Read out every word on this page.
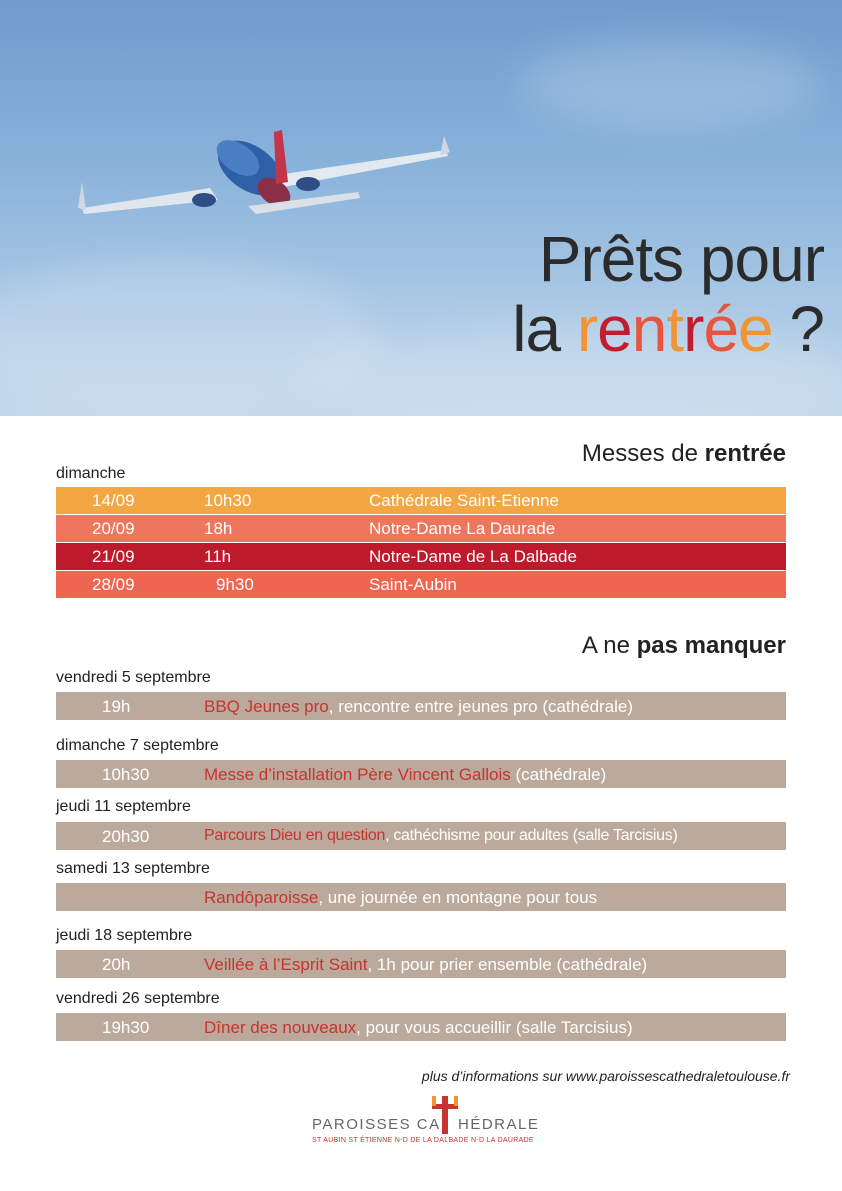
Prêts pour
la rentrée ?
Messes de rentrée
dimanche
14/09	10h30	Cathédrale Saint-Etienne
20/09	18h	Notre-Dame La Daurade
21/09	11h	Notre-Dame de La Dalbade
28/09	9h30	Saint-Aubin
A ne pas manquer
vendredi 5 septembre
19h	BBQ Jeunes pro, rencontre entre jeunes pro (cathédrale)
dimanche 7 septembre
10h30	Messe d’installation Père Vincent Gallois (cathédrale)
jeudi 11 septembre
20h30	Parcours Dieu en question, cathéchisme pour adultes (salle Tarcisius)
samedi 13 septembre
Randôparoisse, une journée en montagne pour tous
jeudi 18 septembre
20h	Veillée à l’Esprit Saint, 1h pour prier ensemble (cathédrale)
vendredi 26 septembre
19h30	Dîner des nouveaux, pour vous accueillir (salle Tarcisius)
plus d’informations sur www.paroissescathedraletoulouse.fr
PAROISSES CA HÉDRALE
ST AUBIN ST ÉTIENNE N-D DE LA DALBADE N-D LA DAURADE
